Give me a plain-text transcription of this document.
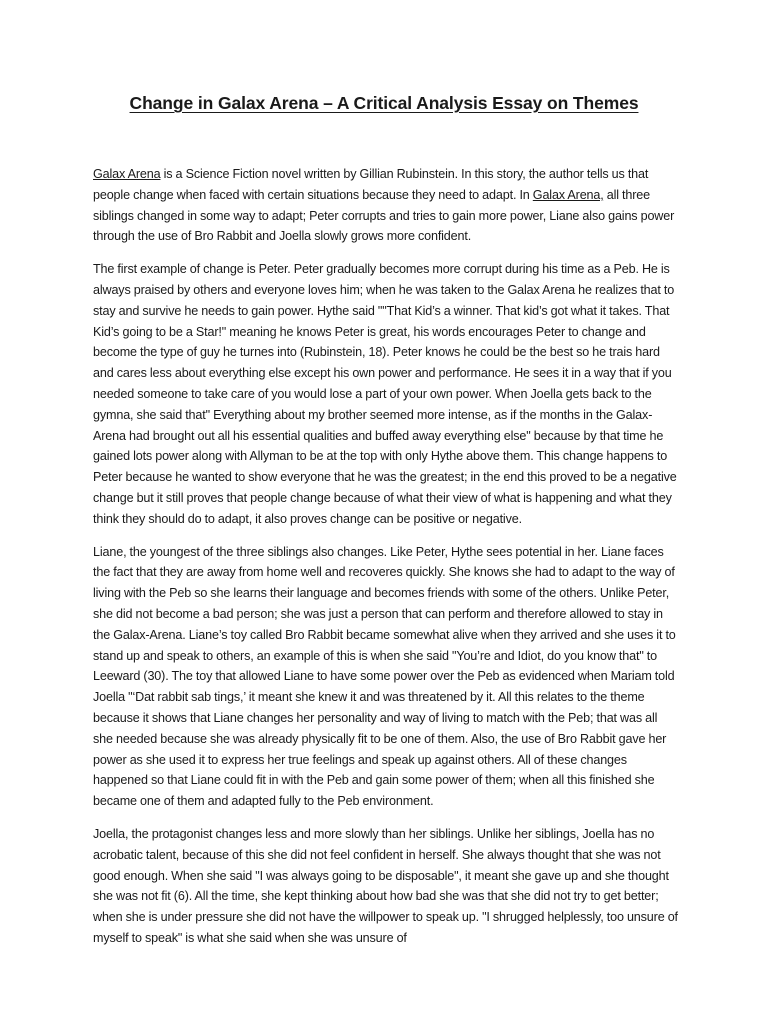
Change in Galax Arena – A Critical Analysis Essay on Themes

Galax Arena is a Science Fiction novel written by Gillian Rubinstein. In this story, the author tells us that people change when faced with certain situations because they need to adapt. In Galax Arena, all three siblings changed in some way to adapt; Peter corrupts and tries to gain more power, Liane also gains power through the use of Bro Rabbit and Joella slowly grows more confident.

The first example of change is Peter. Peter gradually becomes more corrupt during his time as a Peb. He is always praised by others and everyone loves him; when he was taken to the Galax Arena he realizes that to stay and survive he needs to gain power. Hythe said ""That Kid’s a winner. That kid’s got what it takes. That Kid’s going to be a Star!" meaning he knows Peter is great, his words encourages Peter to change and become the type of guy he turnes into (Rubinstein, 18). Peter knows he could be the best so he trais hard and cares less about everything else except his own power and performance. He sees it in a way that if you needed someone to take care of you would lose a part of your own power. When Joella gets back to the gymna, she said that" Everything about my brother seemed more intense, as if the months in the Galax-Arena had brought out all his essential qualities and buffed away everything else" because by that time he gained lots power along with Allyman to be at the top with only Hythe above them. This change happens to Peter because he wanted to show everyone that he was the greatest; in the end this proved to be a negative change but it still proves that people change because of what their view of what is happening and what they think they should do to adapt, it also proves change can be positive or negative.

Liane, the youngest of the three siblings also changes. Like Peter, Hythe sees potential in her. Liane faces the fact that they are away from home well and recoveres quickly. She knows she had to adapt to the way of living with the Peb so she learns their language and becomes friends with some of the others. Unlike Peter, she did not become a bad person; she was just a person that can perform and therefore allowed to stay in the Galax-Arena. Liane’s toy called Bro Rabbit became somewhat alive when they arrived and she uses it to stand up and speak to others, an example of this is when she said "You’re and Idiot, do you know that" to Leeward (30). The toy that allowed Liane to have some power over the Peb as evidenced when Mariam told Joella "‘Dat rabbit sab tings,’ it meant she knew it and was threatened by it. All this relates to the theme because it shows that Liane changes her personality and way of living to match with the Peb; that was all she needed because she was already physically fit to be one of them. Also, the use of Bro Rabbit gave her power as she used it to express her true feelings and speak up against others. All of these changes happened so that Liane could fit in with the Peb and gain some power of them; when all this finished she became one of them and adapted fully to the Peb environment.

Joella, the protagonist changes less and more slowly than her siblings. Unlike her siblings, Joella has no acrobatic talent, because of this she did not feel confident in herself. She always thought that she was not good enough. When she said "I was always going to be disposable", it meant she gave up and she thought she was not fit (6). All the time, she kept thinking about how bad she was that she did not try to get better; when she is under pressure she did not have the willpower to speak up. "I shrugged helplessly, too unsure of myself to speak" is what she said when she was unsure of
